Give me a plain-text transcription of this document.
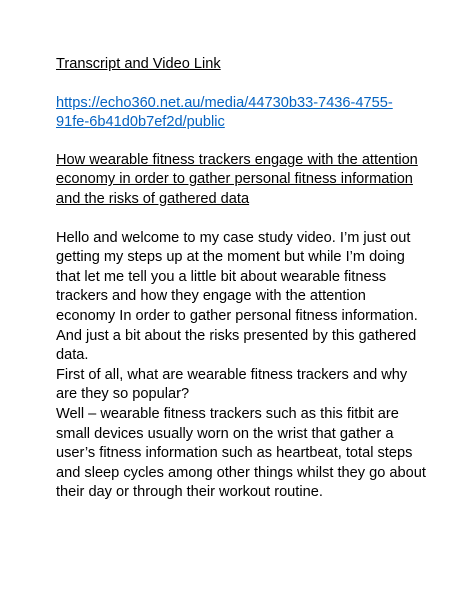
Transcript and Video Link

https://echo360.net.au/media/44730b33-7436-4755-
91fe-6b41d0b7ef2d/public

How wearable fitness trackers engage with the attention
economy in order to gather personal fitness information
and the risks of gathered data

Hello and welcome to my case study video. I’m just out
getting my steps up at the moment but while I’m doing
that let me tell you a little bit about wearable fitness
trackers and how they engage with the attention
economy In order to gather personal fitness information.
And just a bit about the risks presented by this gathered
data.

First of all, what are wearable fitness trackers and why
are they so popular?

Well – wearable fitness trackers such as this fitbit are
small devices usually worn on the wrist that gather a
user’s fitness information such as heartbeat, total steps
and sleep cycles among other things whilst they go about
their day or through their workout routine.
